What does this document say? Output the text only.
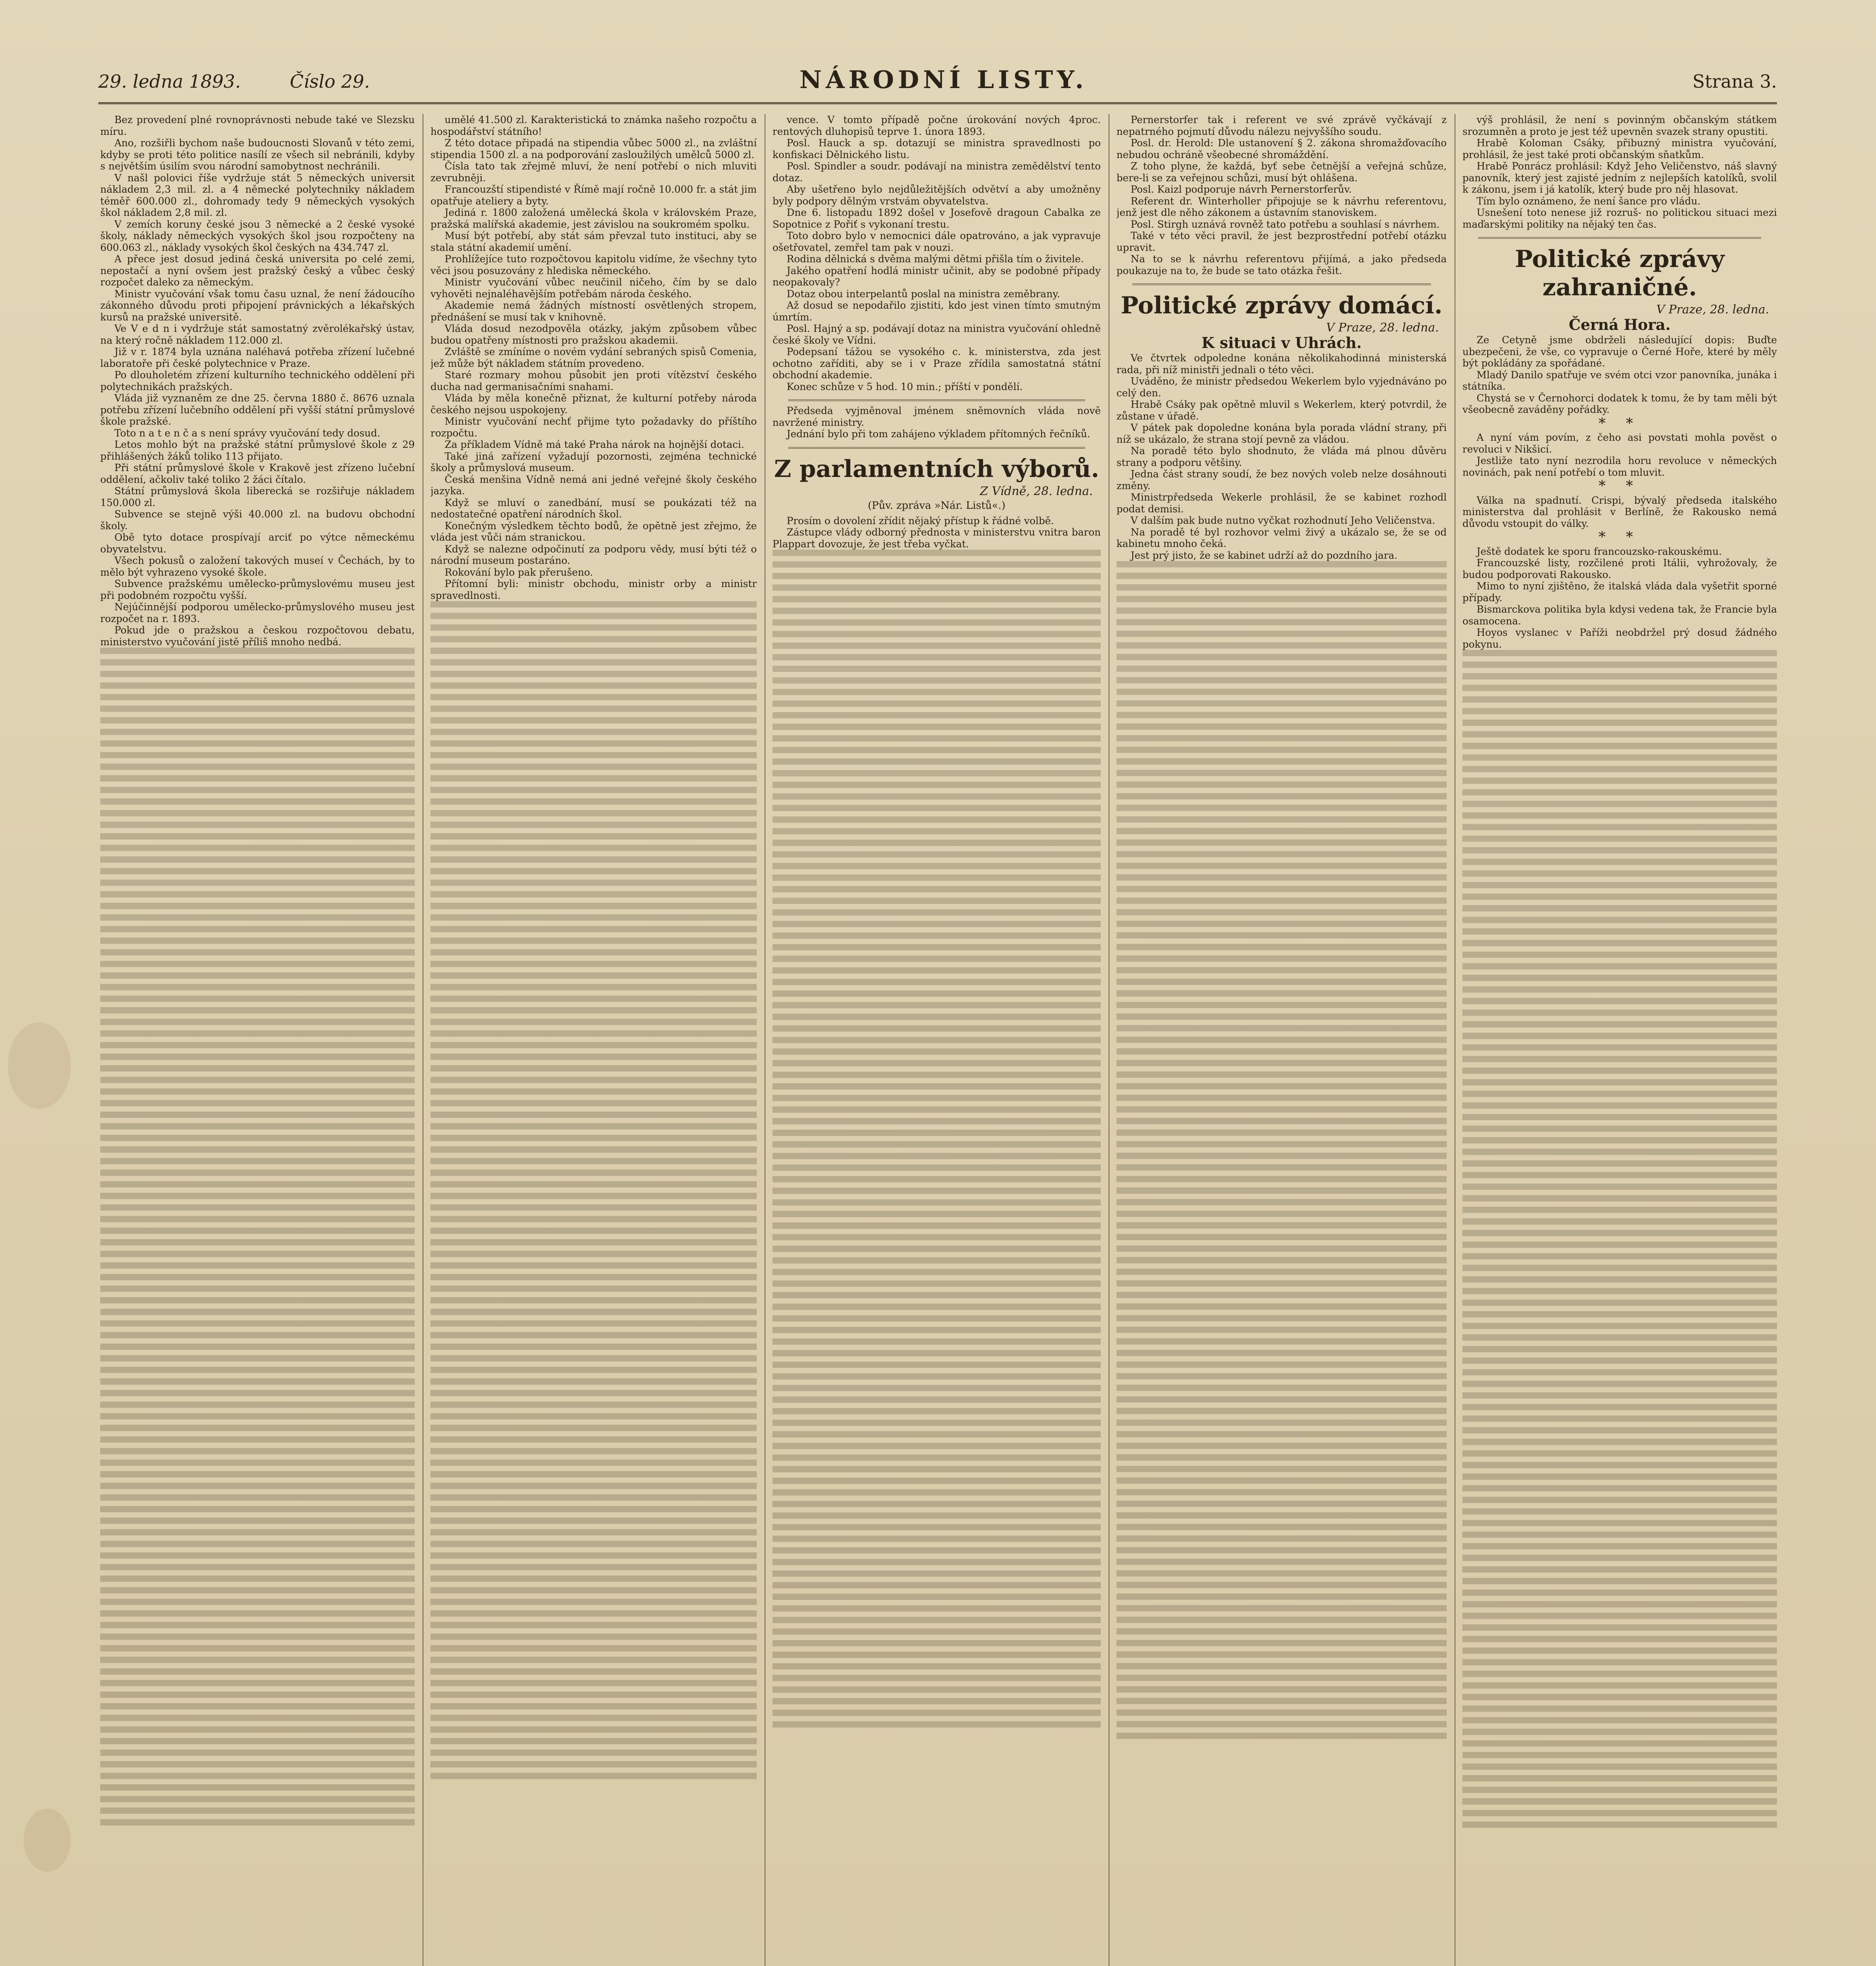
29. ledna 1893.	Číslo 29.	NÁRODNÍ LISTY.	Strana 3.

Bez provedení plné rovnoprávnosti nebude také ve Slezsku míru.

Ano, rozšiřli bychom naše budoucnosti Slovanů v této zemi, kdyby se proti této politice nasílí ze všech sil nebránili, kdyby s největším úsilím svou národní samobytnost nechránili.

V našl polovici říše vydržuje stát 5 německých universit nákladem 2,3 mil. zl. a 4 německé polytechniky nákladem téměř 600.000 zl., dohromady tedy 9 německých vysokých škol nákladem 2,8 mil. zl.

V zemích koruny české jsou 3 německé a 2 české vysoké školy, náklady německých vysokých škol jsou rozpočteny na 600.063 zl., náklady vysokých škol českých na 434.747 zl.

A přece jest dosud jediná česká universita po celé zemi, nepostačí a nyní ovšem jest pražský český a vůbec český rozpočet daleko za německým.

Ministr vyučování však tomu času uznal, že není žádoucího zákonného důvodu proti připojení právnických a lékařských kursů na pražské universitě.

Ve V e d n i vydržuje stát samostatný zvěrolékařský ústav, na který ročně nákladem 112.000 zl.

Již v r. 1874 byla uznána naléhavá potřeba zřízení lučebné laboratoře při české polytechnice v Praze.

Po dlouholetém zřízení kulturního technického oddělení při polytechnikách pražských.

Vláda již vyznaněm ze dne 25. června 1880 č. 8676 uznala potřebu zřízení lučebního oddělení při vyšší státní průmyslové škole pražské.

Toto n a t e n č a s není správy vyučování tedy dosud.

Letos mohlo být na pražské státní průmyslové škole z 29 přihlášených žáků toliko 113 přijato.

Při státní průmyslové škole v Krakově jest zřízeno lučební oddělení, ačkoliv také toliko 2 žáci čítalo.

Státní průmyslová škola liberecká se rozšiřuje nákladem 150.000 zl.

Subvence se stejně výši 40.000 zl. na budovu obchodní školy.

Obě tyto dotace prospívají arciť po výtce německému obyvatelstvu.

Všech pokusů o založení takových museí v Čechách, by to mělo být vyhrazeno vysoké škole.

Subvence pražskému umělecko-průmyslovému museu jest při podobném rozpočtu vyšší.

Nejúčinnější podporou umělecko-průmyslového museu jest rozpočet na r. 1893.

Pokud jde o pražskou a českou rozpočtovou debatu, ministerstvo vyučování jistě příliš mnoho nedbá.

umělé 41.500 zl. Karakteristická to známka našeho rozpočtu a hospodářství státního!

Z této dotace připadá na stipendia vůbec 5000 zl., na zvláštní stipendia 1500 zl. a na podporování zasloužilých umělců 5000 zl.

Čísla tato tak zřejmě mluví, že není potřebí o nich mluviti zevrubněji.

Francouzští stipendisté v Římě mají ročně 10.000 fr. a stát jim opatřuje ateliery a byty.

Jediná r. 1800 založená umělecká škola v královském Praze, pražská malířská akademie, jest závislou na soukromém spolku.

Musí být potřebí, aby stát sám převzal tuto instituci, aby se stala státní akademií umění.

Prohlížejíce tuto rozpočtovou kapitolu vidíme, že všechny tyto věci jsou posuzovány z hlediska německého.

Ministr vyučování vůbec neučinil ničeho, čím by se dalo vyhověti nejnaléhavějším potřebám národa českého.

Akademie nemá žádných místností osvětlených stropem, přednášení se musí tak v knihovně.

Vláda dosud nezodpověla otázky, jakým způsobem vůbec budou opatřeny místnosti pro pražskou akademii.

Zvláště se zmíníme o novém vydání sebraných spisů Comenia, jež může být nákladem státním provedeno.

Staré rozmary mohou působit jen proti vítězství českého ducha nad germanisačními snahami.

Vláda by měla konečně přiznat, že kulturní potřeby národa českého nejsou uspokojeny.

Ministr vyučování nechť přijme tyto požadavky do příštího rozpočtu.

Za příkladem Vídně má také Praha nárok na hojnější dotaci.

Také jiná zařízení vyžadují pozornosti, zejména technické školy a průmyslová museum.

Česká menšina Vídně nemá ani jedné veřejné školy českého jazyka.

Když se mluví o zanedbání, musí se poukázati též na nedostatečné opatření národních škol.

Konečným výsledkem těchto bodů, že opětně jest zřejmo, že vláda jest vůči nám stranickou.

Když se nalezne odpočinutí za podporu vědy, musí býti též o národní museum postaráno.

Rokování bylo pak přerušeno.

Přítomní byli: ministr obchodu, ministr orby a ministr spravedlnosti.

vence. V tomto případě počne úrokování nových 4proc. rentových dluhopisů teprve 1. února 1893.

Posl. Hauck a sp. dotazují se ministra spravedlnosti po konfiskaci Dělnického listu.

Posl. Spindler a soudr. podávají na ministra zemědělství tento dotaz.

Aby ušetřeno bylo nejdůležitějších odvětví a aby umožněny byly podpory dělným vrstvám obyvatelstva.

Dne 6. listopadu 1892 došel v Josefově dragoun Cabalka ze Sopotnice z Pořiť s vykonaní trestu.

Toto dobro bylo v nemocnici dále opatrováno, a jak vypravuje ošetřovatel, zemřel tam pak v nouzi.

Rodina dělnická s dvěma malými dětmi přišla tím o živitele.

Jakého opatření hodlá ministr učinit, aby se podobné případy neopakovaly?

Dotaz obou interpelantů poslal na ministra zeměbrany.

Až dosud se nepodařilo zjistiti, kdo jest vinen tímto smutným úmrtím.

Posl. Hajný a sp. podávají dotaz na ministra vyučování ohledně české školy ve Vídni.

Podepsaní tážou se vysokého c. k. ministerstva, zda jest ochotno zaříditi, aby se i v Praze zřídila samostatná státní obchodní akademie.

Konec schůze v 5 hod. 10 min.; příští v pondělí.

Předseda vyjměnoval jménem sněmovních vláda nově navržené ministry.

Jednání bylo při tom zahájeno výkladem přítomných řečníků.

Z parlamentních výborů.
Z Vídně, 28. ledna.
(Pův. zpráva »Nár. Listů«.)

Prosím o dovolení zřídit nějaký přístup k řádné volbě.

Zástupce vlády odborný přednosta v ministerstvu vnitra baron Plappart dovozuje, že jest třeba vyčkat.

Pernerstorfer tak i referent ve své zprávě vyčkávají z nepatrného pojmutí důvodu nálezu nejvyššího soudu.

Posl. dr. Herold: Dle ustanovení § 2. zákona shromažďovacího nebudou ochráně všeobecné shromáždění.

Z toho plyne, že každá, byť sebe četnější a veřejná schůze, bere-li se za veřejnou schůzi, musí být ohlášena.

Posl. Kaizl podporuje návrh Pernerstorferův.

Referent dr. Winterholler připojuje se k návrhu referentovu, jenž jest dle něho zákonem a ústavním stanoviskem.

Posl. Stirgh uznává rovněž tato potřebu a souhlasí s návrhem.

Také v této věci pravil, že jest bezprostřední potřebí otázku upravit.

Na to se k návrhu referentovu přijímá, a jako předseda poukazuje na to, že bude se tato otázka řešit.

Politické zprávy domácí.
V Praze, 28. ledna.
K situaci v Uhrách.

Ve čtvrtek odpoledne konána několikahodinná ministerská rada, při níž ministři jednali o této věci.

Uváděno, že ministr předsedou Wekerlem bylo vyjednáváno po celý den.

Hrabě Csáky pak opětně mluvil s Wekerlem, který potvrdil, že zůstane v úřadě.

V pátek pak dopoledne konána byla porada vládní strany, při níž se ukázalo, že strana stojí pevně za vládou.

Na poradě této bylo shodnuto, že vláda má plnou důvěru strany a podporu většiny.

Jedna část strany soudí, že bez nových voleb nelze dosáhnouti změny.

Ministrpředseda Wekerle prohlásil, že se kabinet rozhodl podat demisi.

V dalším pak bude nutno vyčkat rozhodnutí Jeho Veličenstva.

Na poradě té byl rozhovor velmi živý a ukázalo se, že se od kabinetu mnoho čeká.

Jest prý jisto, že se kabinet udrží až do pozdního jara.

výš prohlásil, že není s povinným občanským státkem srozumněn a proto je jest též upevněn svazek strany opustiti.

Hrabě Koloman Csáky, přibuzný ministra vyučování, prohlásil, že jest také proti občanským sňatkům.

Hrabě Ponrácz prohlásil: Když Jeho Veličenstvo, náš slavný panovník, který jest zajisté jedním z nejlepších katolíků, svolil k zákonu, jsem i já katolík, který bude pro něj hlasovat.

Tím bylo oznámeno, že není šance pro vládu.

Usnešení toto nenese již rozruš- no politickou situaci mezi maďarskými politiky na nějaký ten čas.

Politické zprávy zahraničné.
V Praze, 28. ledna.
Černá Hora.

Ze Cetyně jsme obdrželi následující dopis: Buďte ubezpečeni, že vše, co vypravuje o Černé Hoře, které by měly být pokládány za spořádané.

Mladý Danilo spatřuje ve svém otci vzor panovníka, junáka i státníka.

Chystá se v Černohorci dodatek k tomu, že by tam měli být všeobecně zaváděny pořádky.

* *

A nyní vám povím, z čeho asi povstati mohla pověst o revoluci v Nikšicí.

Jestliže tato nyní nezrodila horu revoluce v německých novinách, pak není potřebí o tom mluvit.

* *

Válka na spadnutí. Crispi, bývalý předseda italského ministerstva dal prohlásit v Berlíně, že Rakousko nemá důvodu vstoupit do války.

* *

Ještě dodatek ke sporu francouzsko-rakouskému.

Francouzské listy, rozčilené proti Itálii, vyhrožovaly, že budou podporovati Rakousko.

Mimo to nyní zjištěno, že italská vláda dala vyšetřit sporné případy.

Bismarckova politika byla kdysi vedena tak, že Francie byla osamocena.

Hoyos vyslanec v Paříži neobdržel prý dosud žádného pokynu.
